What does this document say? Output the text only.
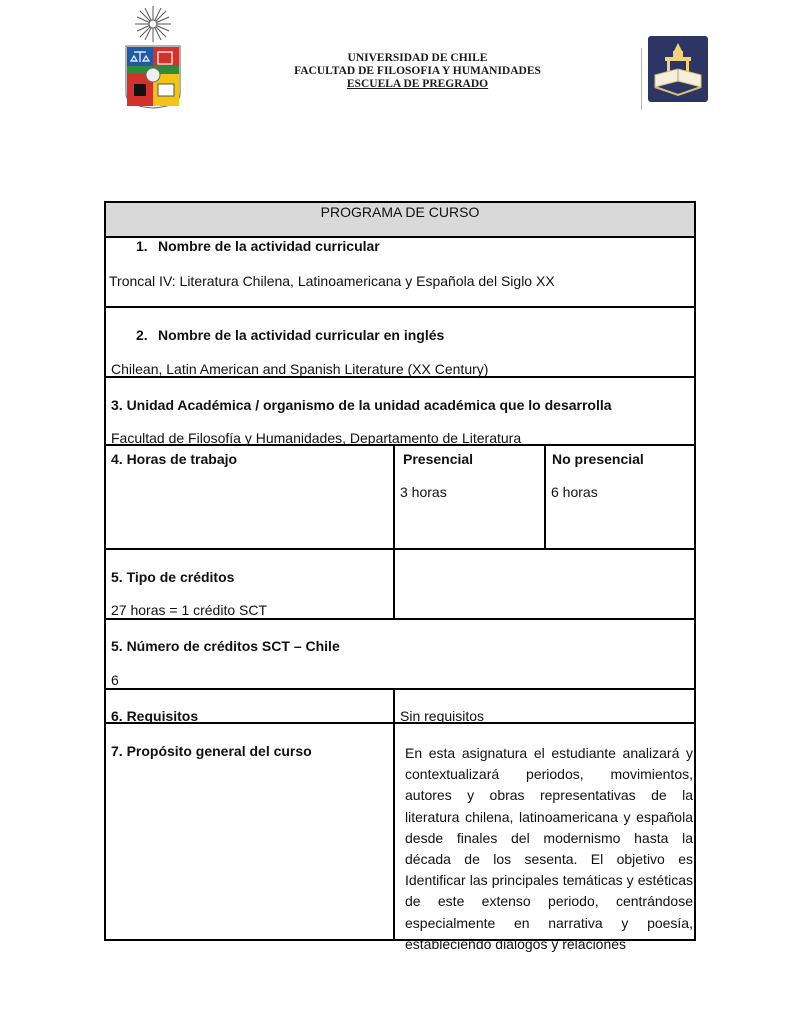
UNIVERSIDAD DE CHILE
FACULTAD DE FILOSOFIA Y HUMANIDADES
ESCUELA DE PREGRADO
PROGRAMA DE CURSO
1. Nombre de la actividad curricular
Troncal IV: Literatura Chilena, Latinoamericana y Española del Siglo XX
2. Nombre de la actividad curricular en inglés
Chilean, Latin American and Spanish Literature (XX Century)
3. Unidad Académica / organismo de la unidad académica que lo desarrolla
Facultad de Filosofía y Humanidades, Departamento de Literatura
4. Horas de trabajo	Presencial	No presencial
3 horas	6 horas
5. Tipo de créditos
27 horas = 1 crédito SCT
5. Número de créditos SCT – Chile
6
6. Requisitos	Sin requisitos
7. Propósito general del curso	En esta asignatura el estudiante analizará y contextualizará periodos, movimientos, autores y obras representativas de la literatura chilena, latinoamericana y española desde finales del modernismo hasta la década de los sesenta. El objetivo es Identificar las principales temáticas y estéticas de este extenso periodo, centrándose especialmente en narrativa y poesía, estableciendo diálogos y relaciones
